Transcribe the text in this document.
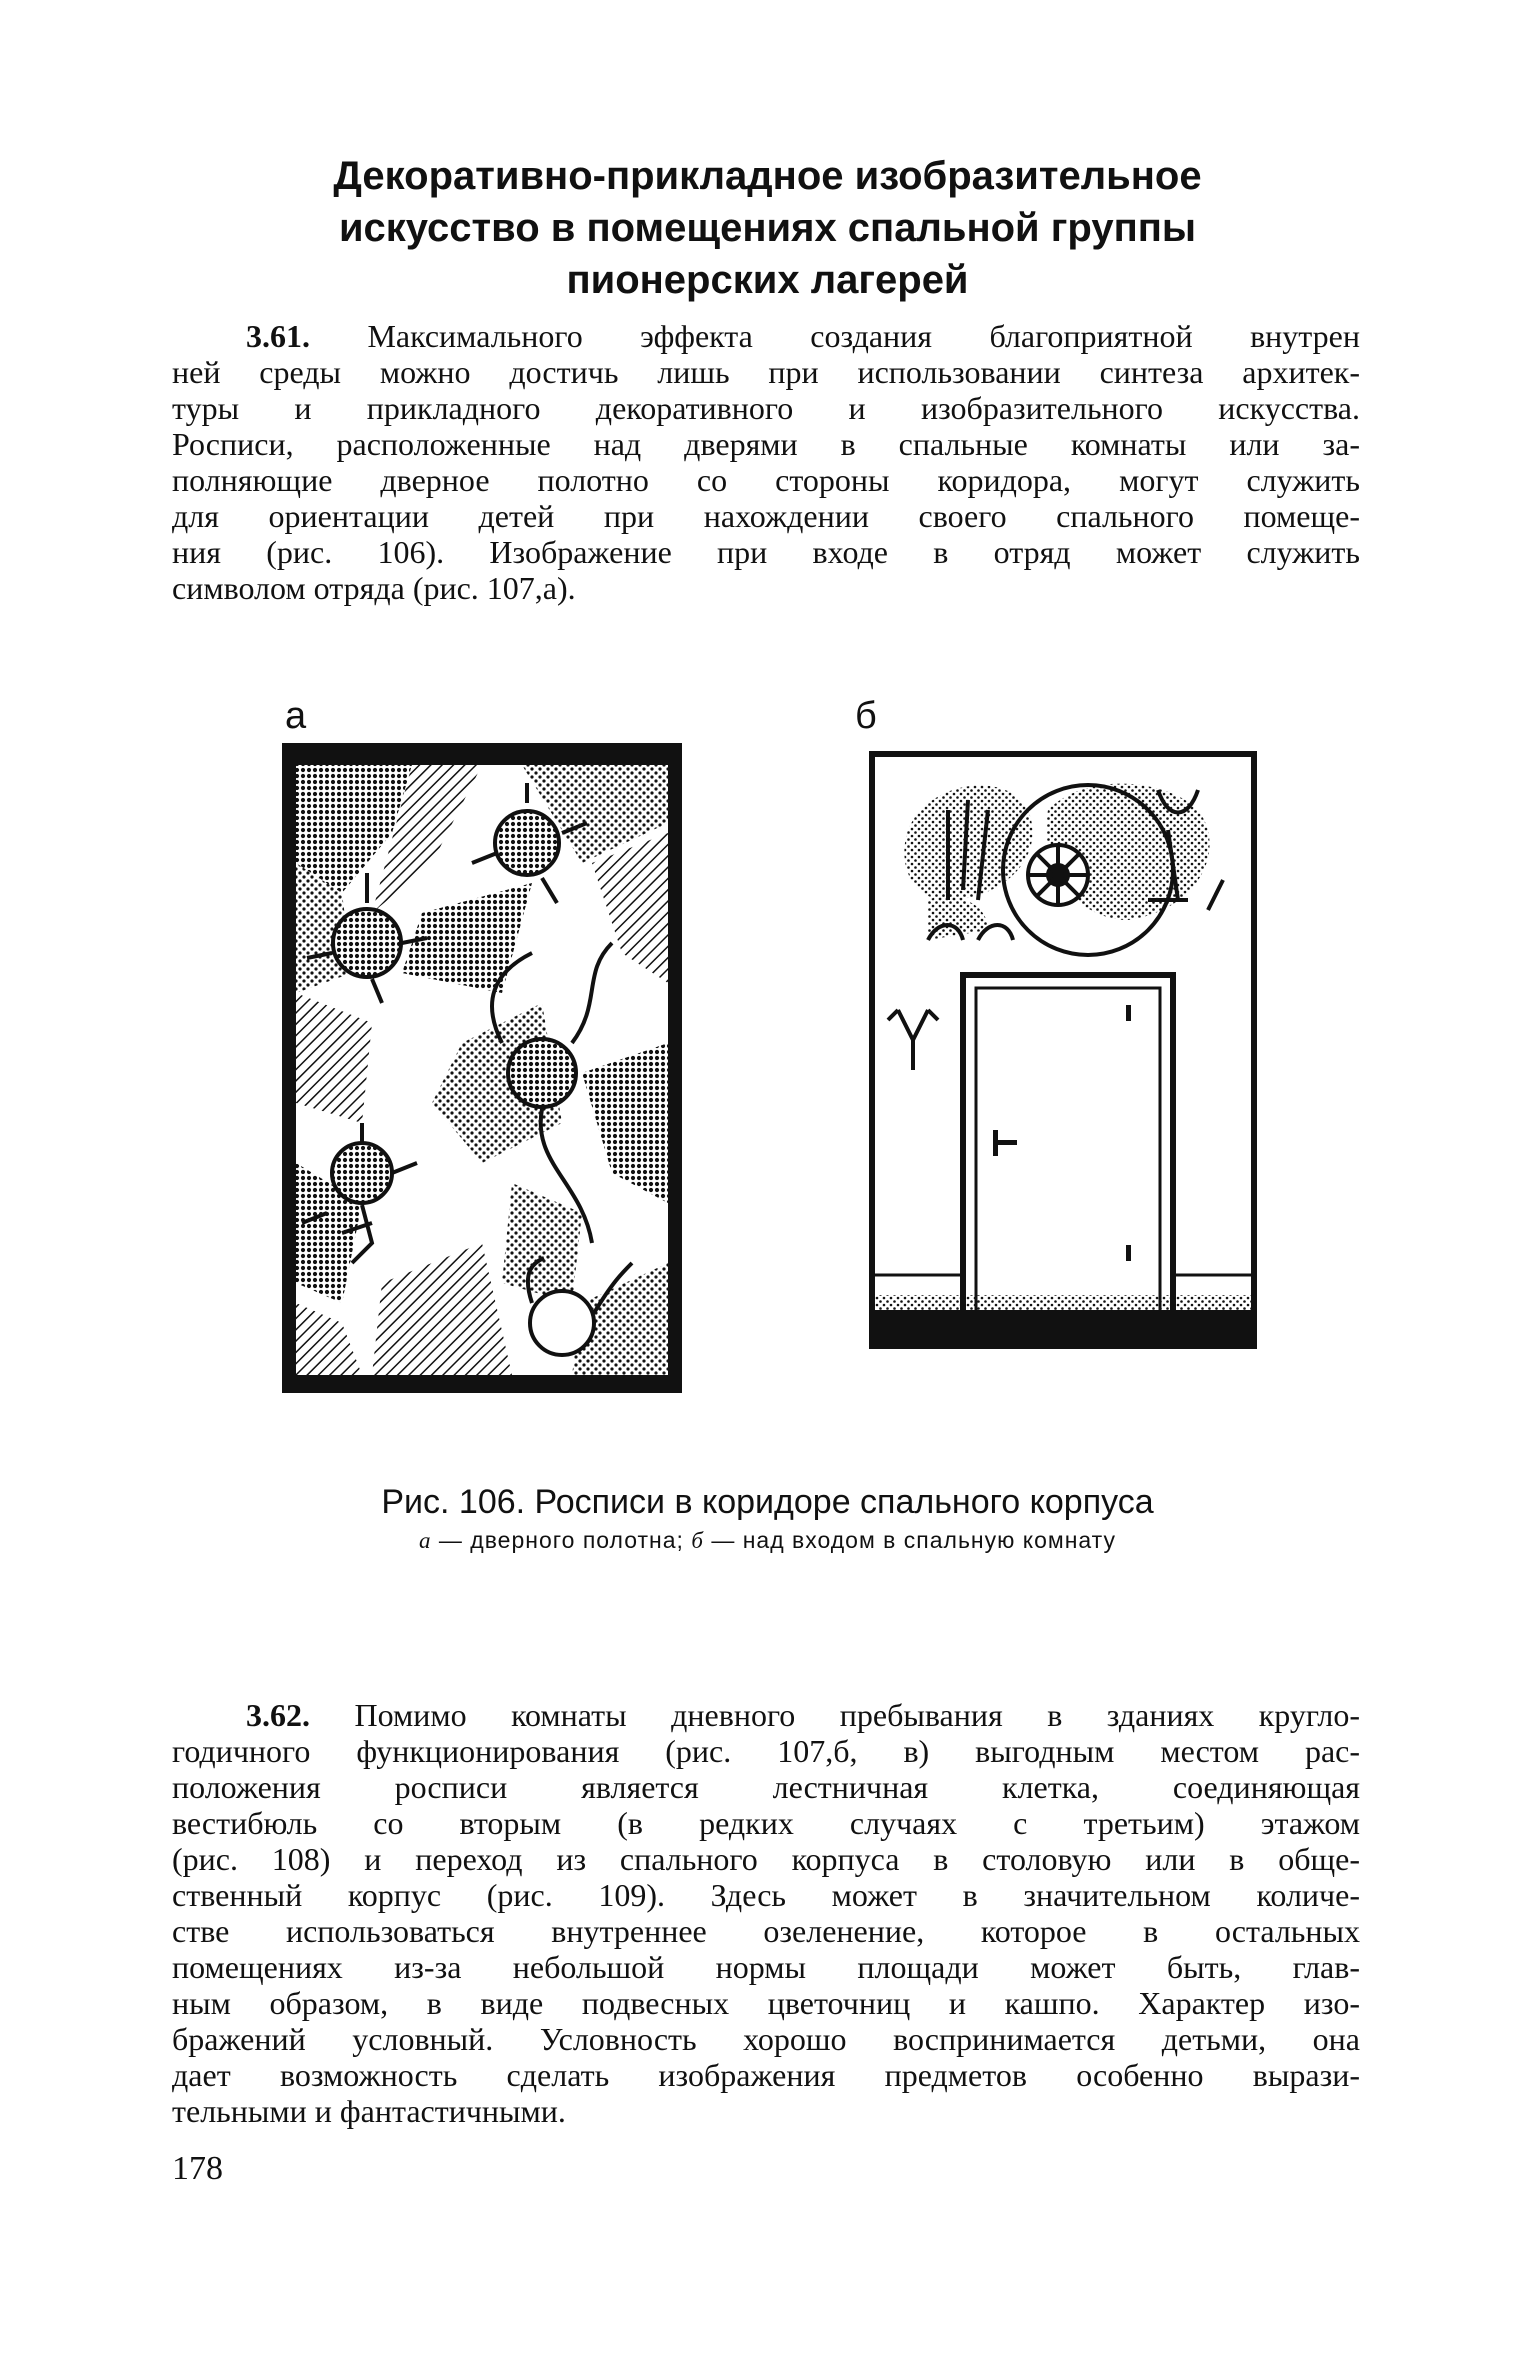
Декоративно-прикладное изобразительное
искусство в помещениях спальной группы
пионерских лагерей
3.61. Максимального эффекта создания благоприятной внутрен
ней среды можно достичь лишь при использовании синтеза архитек-
туры и прикладного декоративного и изобразительного искусства.
Росписи, расположенные над дверями в спальные комнаты или за-
полняющие дверное полотно со стороны коридора, могут служить
для ориентации детей при нахождении своего спального помеще-
ния (рис. 106). Изображение при входе в отряд может служить
символом отряда (рис. 107,а).
а	б
Рис. 106. Росписи в коридоре спального корпуса
а — дверного полотна; б — над входом в спальную комнату
3.62. Помимо комнаты дневного пребывания в зданиях кругло-
годичного функционирования (рис. 107,б, в) выгодным местом рас-
положения росписи является лестничная клетка, соединяющая
вестибюль со вторым (в редких случаях с третьим) этажом
(рис. 108) и переход из спального корпуса в столовую или в обще-
ственный корпус (рис. 109). Здесь может в значительном количе-
стве использоваться внутреннее озеленение, которое в остальных
помещениях из-за небольшой нормы площади может быть, глав-
ным образом, в виде подвесных цветочниц и кашпо. Характер изо-
бражений условный. Условность хорошо воспринимается детьми, она
дает возможность сделать изображения предметов особенно вырази-
тельными и фантастичными.
178
